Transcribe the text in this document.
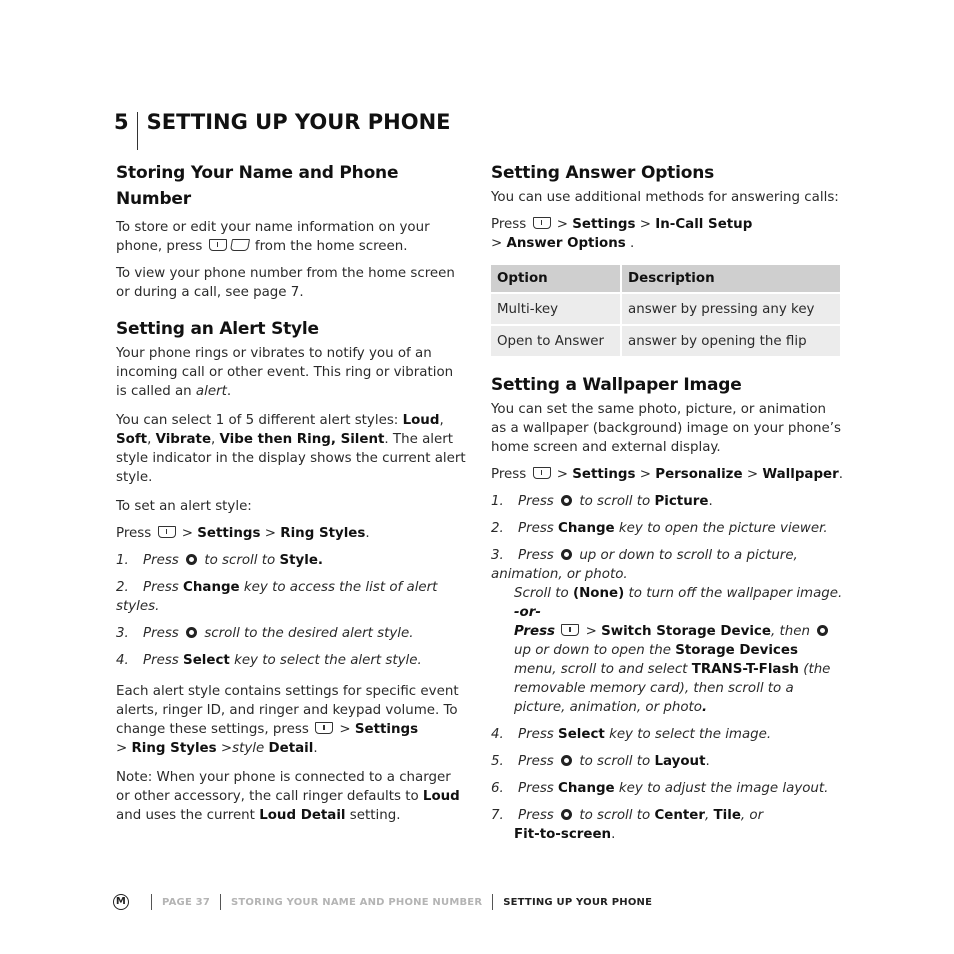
5 SETTING UP YOUR PHONE
Storing Your Name and Phone Number

To store or edit your name information on your phone, press	from the home screen.

To view your phone number from the home screen or during a call, see page 7.

Setting an Alert Style

Your phone rings or vibrates to notify you of an incoming call or other event. This ring or vibration is called an alert.

You can select 1 of 5 different alert styles: Loud, Soft, Vibrate, Vibe then Ring, Silent. The alert style indicator in the display shows the current alert style.

To set an alert style:

Press > Settings > Ring Styles.

1. Press to scroll to Style.
2. Press Change key to access the list of alert styles.
3. Press scroll to the desired alert style.
4. Press Select key to select the alert style.

Each alert style contains settings for specific event alerts, ringer ID, and ringer and keypad volume. To change these settings, press > Settings
> Ring Styles >style Detail.

Note: When your phone is connected to a charger or other accessory, the call ringer defaults to Loud and uses the current Loud Detail setting.

Setting Answer Options

You can use additional methods for answering calls:

Press > Settings > In-Call Setup
> Answer Options .

Option	Description
Multi-key	answer by pressing any key
Open to Answer	answer by opening the flip
Setting a Wallpaper Image

You can set the same photo, picture, or animation as a wallpaper (background) image on your phone’s home screen and external display.

Press > Settings > Personalize > Wallpaper.

1. Press to scroll to Picture.
2. Press Change key to open the picture viewer.
3. Press up or down to scroll to a picture, animation, or photo.
Scroll to (None) to turn off the wallpaper image.
-or-
Press > Switch Storage Device, then  up or down to open the Storage Devices menu, scroll to and select TRANS-T-Flash (the removable memory card), then scroll to a picture, animation, or photo.
4. Press Select key to select the image.
5. Press to scroll to Layout.
6. Press Change key to adjust the image layout.
7. Press to scroll to Center, Tile, or
Fit-to-screen.
M	PAGE 37 STORING YOUR NAME AND PHONE NUMBER SETTING UP YOUR PHONE
